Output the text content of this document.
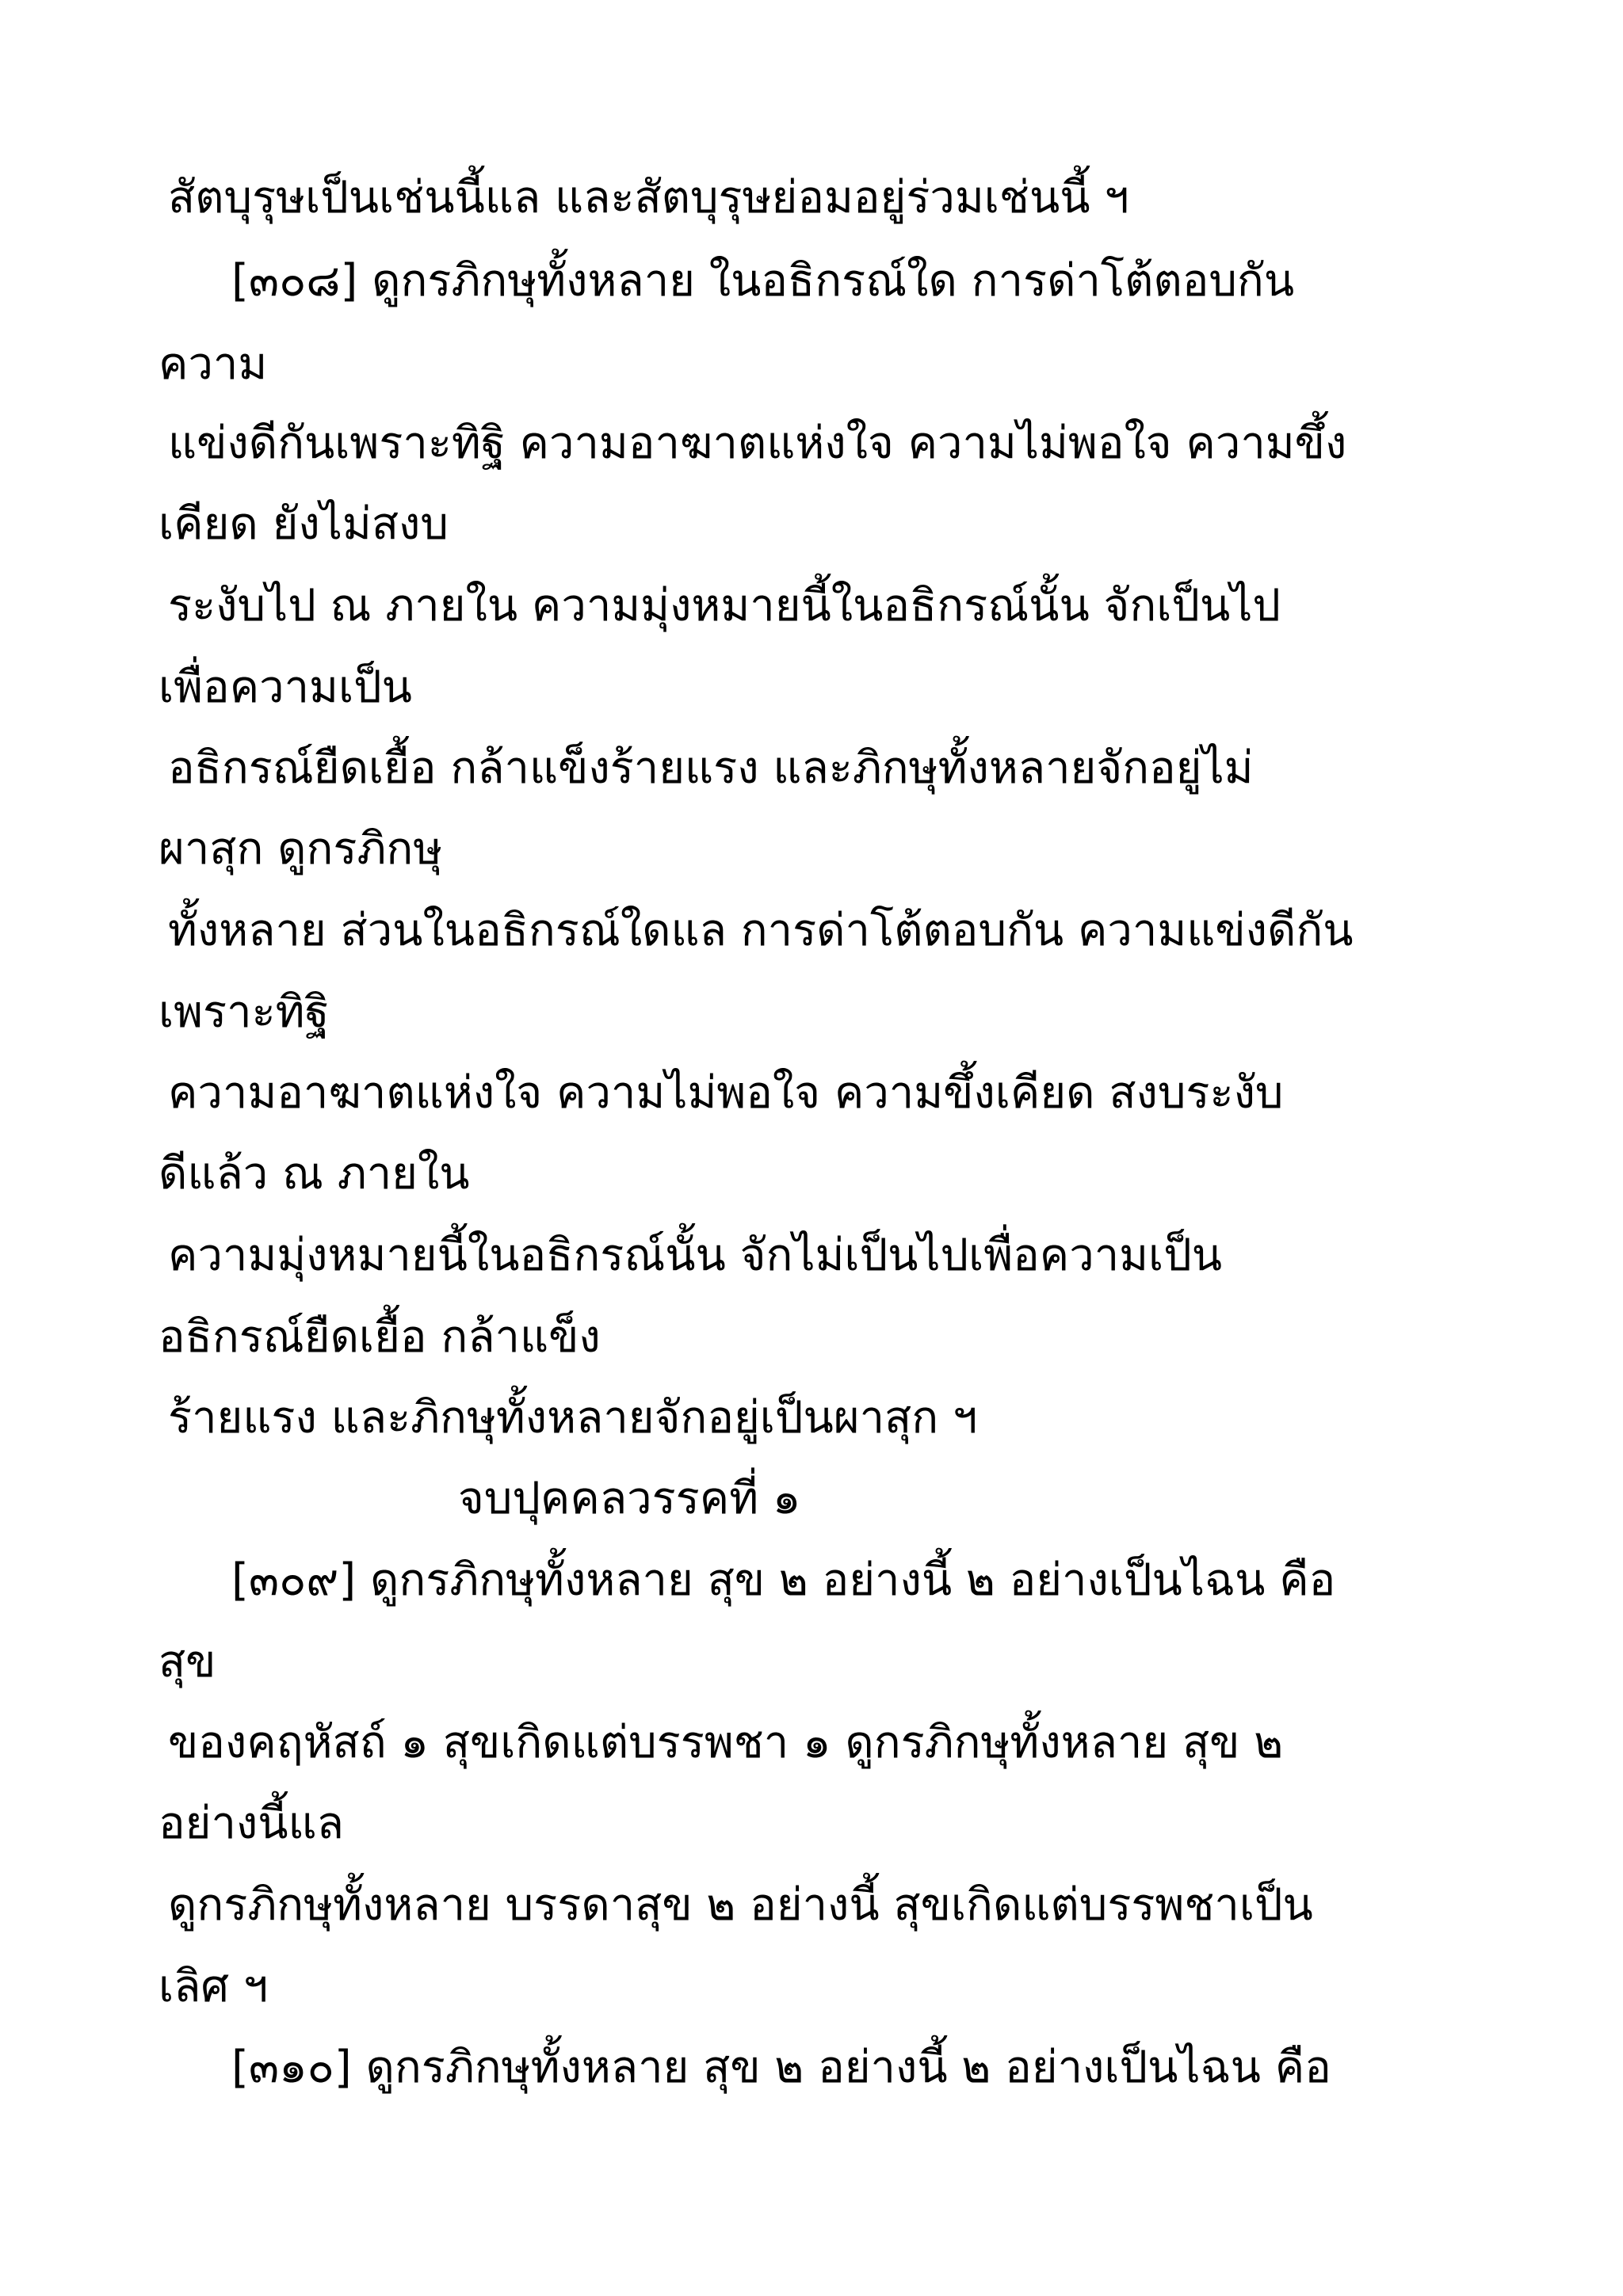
สัตบุรุษเป็นเช่นนี้แล และสัตบุรุษย่อมอยู่ร่วมเช่นนี้ ฯ
[๓๐๘] ดูกรภิกษุทั้งหลาย ในอธิกรณ์ใด การด่าโต้ตอบกัน
ความ
แข่งดีกันเพราะทิฐิ ความอาฆาตแห่งใจ ความไม่พอใจ ความขึ้ง
เคียด ยังไม่สงบ
ระงับไป ณ ภายใน ความมุ่งหมายนี้ในอธิกรณ์นั้น จักเป็นไป
เพื่อความเป็น
อธิกรณ์ยืดเยื้อ กล้าแข็งร้ายแรง และภิกษุทั้งหลายจักอยู่ไม่
ผาสุก ดูกรภิกษุ
ทั้งหลาย ส่วนในอธิกรณ์ใดแล การด่าโต้ตอบกัน ความแข่งดีกัน
เพราะทิฐิ
ความอาฆาตแห่งใจ ความไม่พอใจ ความขึ้งเคียด สงบระงับ
ดีแล้ว ณ ภายใน
ความมุ่งหมายนี้ในอธิกรณ์นั้น จักไม่เป็นไปเพื่อความเป็น
อธิกรณ์ยืดเยื้อ กล้าแข็ง
ร้ายแรง และภิกษุทั้งหลายจักอยู่เป็นผาสุก ฯ
จบปุคคลวรรคที่ ๑
[๓๐๙] ดูกรภิกษุทั้งหลาย สุข ๒ อย่างนี้ ๒ อย่างเป็นไฉน คือ
สุข
ของคฤหัสถ์ ๑ สุขเกิดแต่บรรพชา ๑ ดูกรภิกษุทั้งหลาย สุข ๒
อย่างนี้แล
ดูกรภิกษุทั้งหลาย บรรดาสุข ๒ อย่างนี้ สุขเกิดแต่บรรพชาเป็น
เลิศ ฯ
[๓๑๐] ดูกรภิกษุทั้งหลาย สุข ๒ อย่างนี้ ๒ อย่างเป็นไฉน คือ
